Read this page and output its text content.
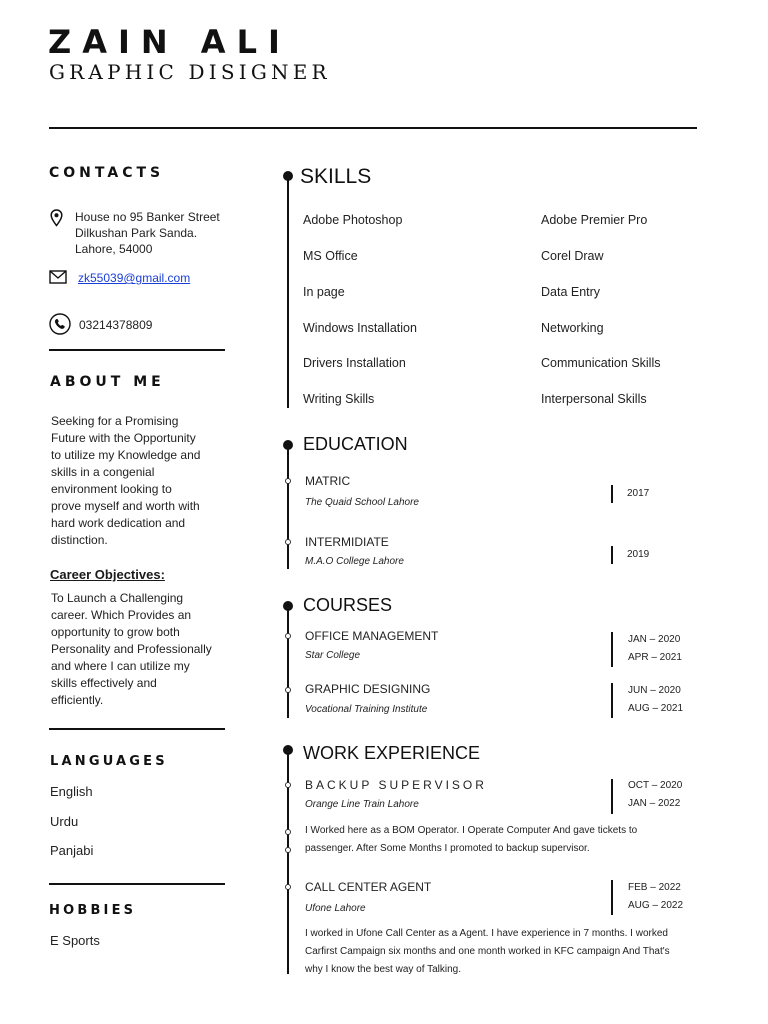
ZAIN ALI
GRAPHIC DISIGNER
CONTACTS
House no 95 Banker Street
Dilkushan Park Sanda.
Lahore, 54000
zk55039@gmail.com
03214378809
ABOUT ME
Seeking for a Promising
Future with the Opportunity
to utilize my Knowledge and
skills in a congenial
environment looking to
prove myself and worth with
hard work dedication and
distinction.
Career Objectives:
To Launch a Challenging
career. Which Provides an
opportunity to grow both
Personality and Professionally
and where I can utilize my
skills effectively and
efficiently.
LANGUAGES
English
Urdu
Panjabi
HOBBIES
E Sports
SKILLS
Adobe Photoshop
MS Office
In page
Windows Installation
Drivers Installation
Writing Skills
Adobe Premier Pro
Corel Draw
Data Entry
Networking
Communication Skills
Interpersonal Skills
EDUCATION
MATRIC
The Quaid School Lahore
2017
INTERMIDIATE
M.A.O College Lahore
2019
COURSES
OFFICE MANAGEMENT
Star College
JAN – 2020
APR – 2021
GRAPHIC DESIGNING
Vocational Training Institute
JUN – 2020
AUG – 2021
WORK EXPERIENCE
BACKUP SUPERVISOR
Orange Line Train Lahore
OCT – 2020
JAN – 2022
I Worked here as a BOM Operator. I Operate Computer And gave tickets to
passenger. After Some Months I promoted to backup supervisor.
CALL CENTER AGENT
Ufone Lahore
FEB – 2022
AUG – 2022
I worked in Ufone Call Center as a Agent. I have experience in 7 months. I worked
Carfirst Campaign six months and one month worked in KFC campaign And That's
why I know the best way of Talking.
